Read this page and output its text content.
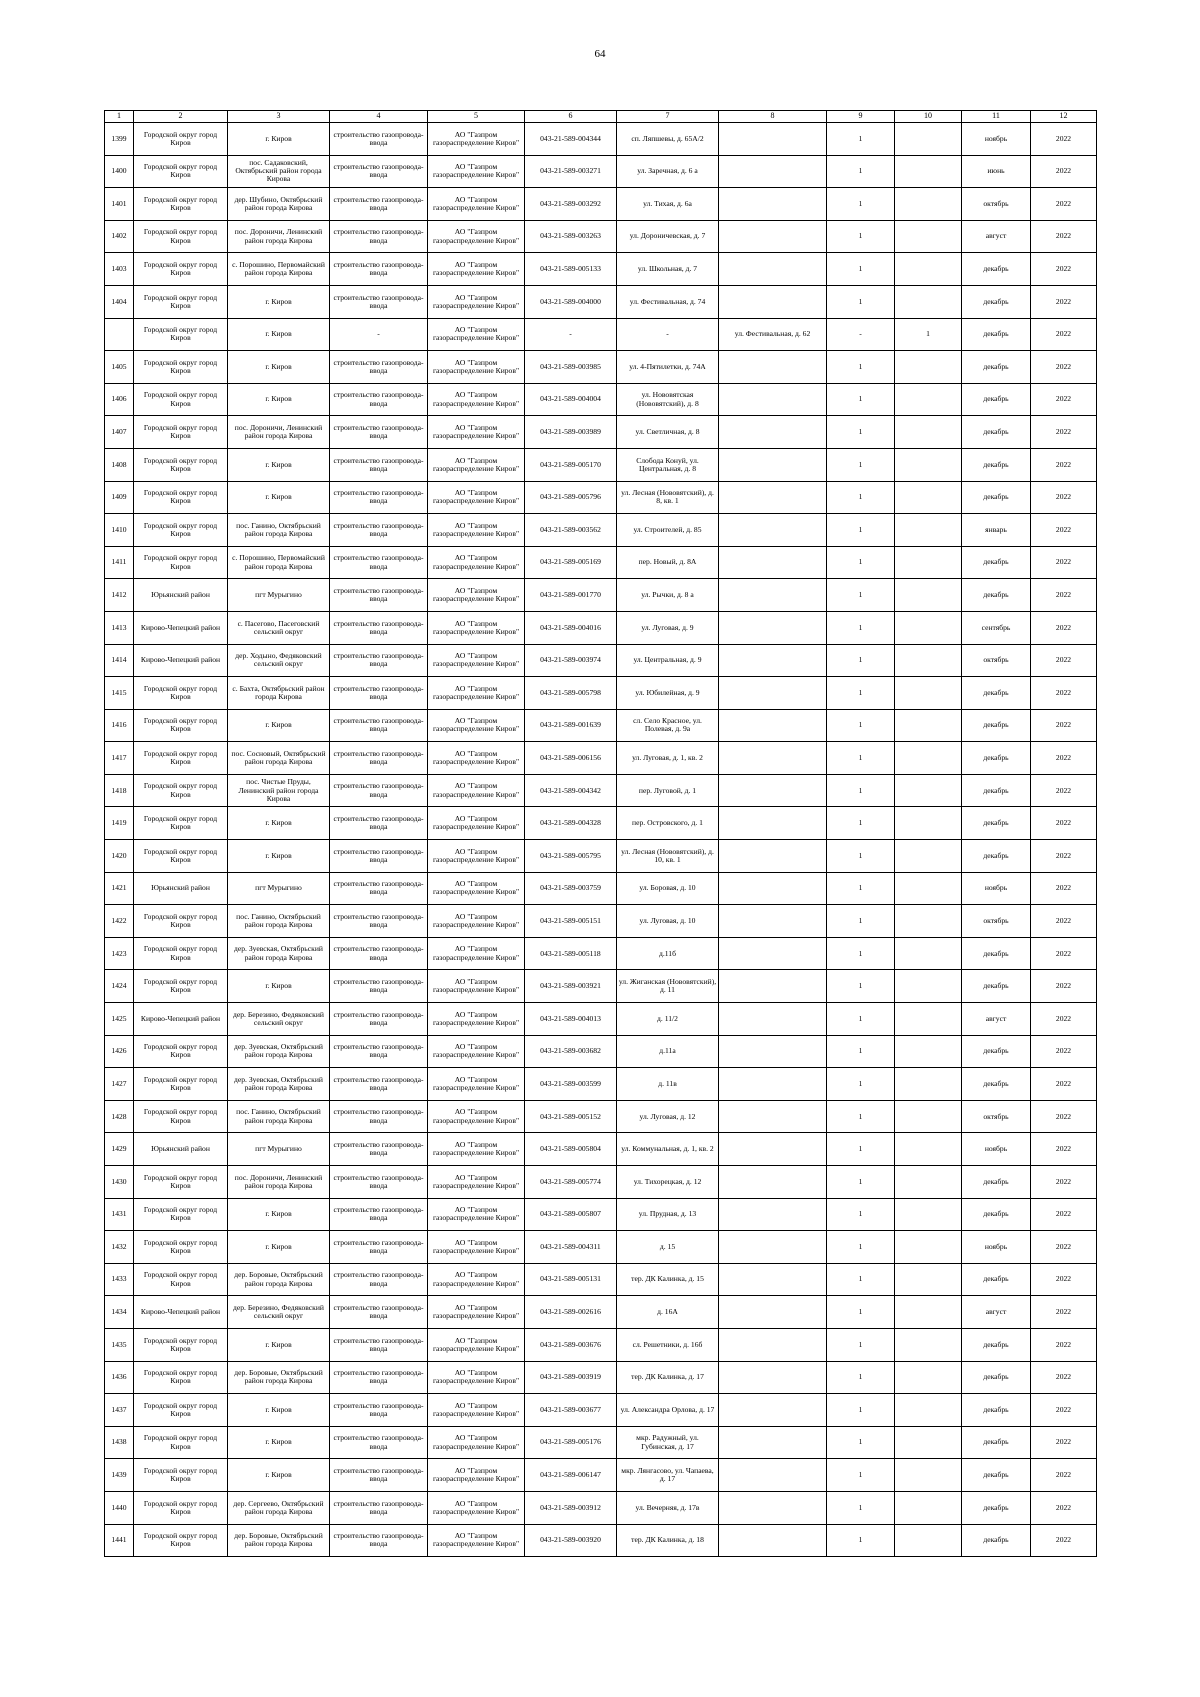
64
1	2	3	4	5	6	7	8	9	10	11	12

1399	Городской округ город Киров	г. Киров	строительство газопровода-ввода	АО "Газпром газораспределение Киров"	043-21-589-004344	сп. Ляпшевы, д. 65А/2		1		ноябрь	2022

1400	Городской округ город Киров	пос. Садаковский, Октябрьский район города Кирова	строительство газопровода-ввода	АО "Газпром газораспределение Киров"	043-21-589-003271	ул. Заречная, д. 6 а		1		июнь	2022

1401	Городской округ город Киров	дер. Шубино, Октябрьский район города Кирова	строительство газопровода-ввода	АО "Газпром газораспределение Киров"	043-21-589-003292	ул. Тихая, д. 6а		1		октябрь	2022

1402	Городской округ город Киров	пос. Дороничи, Ленинский район города Кирова	строительство газопровода-ввода	АО "Газпром газораспределение Киров"	043-21-589-003263	ул. Дороничевская, д. 7		1		август	2022

1403	Городской округ город Киров	с. Порошино, Первомайский район города Кирова	строительство газопровода-ввода	АО "Газпром газораспределение Киров"	043-21-589-005133	ул. Школьная, д. 7		1		декабрь	2022

1404	Городской округ город Киров	г. Киров	строительство газопровода-ввода	АО "Газпром газораспределение Киров"	043-21-589-004000	ул. Фестивальная, д. 74		1		декабрь	2022

	Городской округ город Киров	г. Киров	-	АО "Газпром газораспределение Киров"	-	-	ул. Фестивальная, д. 62	-	1	декабрь	2022

1405	Городской округ город Киров	г. Киров	строительство газопровода-ввода	АО "Газпром газораспределение Киров"	043-21-589-003985	ул. 4-Пятилетки, д. 74А		1		декабрь	2022

1406	Городской округ город Киров	г. Киров	строительство газопровода-ввода	АО "Газпром газораспределение Киров"	043-21-589-004004	ул. Нововятская (Нововятский), д. 8		1		декабрь	2022

1407	Городской округ город Киров	пос. Дороничи, Ленинский район города Кирова	строительство газопровода-ввода	АО "Газпром газораспределение Киров"	043-21-589-003989	ул. Светличная, д. 8		1		декабрь	2022

1408	Городской округ город Киров	г. Киров	строительство газопровода-ввода	АО "Газпром газораспределение Киров"	043-21-589-005170	Слобода Конуй, ул. Центральная, д. 8		1		декабрь	2022

1409	Городской округ город Киров	г. Киров	строительство газопровода-ввода	АО "Газпром газораспределение Киров"	043-21-589-005796	ул. Лесная (Нововятский), д. 8, кв. 1		1		декабрь	2022

1410	Городской округ город Киров	пос. Ганино, Октябрьский район города Кирова	строительство газопровода-ввода	АО "Газпром газораспределение Киров"	043-21-589-003562	ул. Строителей, д. 85		1		январь	2022

1411	Городской округ город Киров	с. Порошино, Первомайский район города Кирова	строительство газопровода-ввода	АО "Газпром газораспределение Киров"	043-21-589-005169	пер. Новый, д. 8А		1		декабрь	2022

1412	Юрьянский район	пгт Мурыгино	строительство газопровода-ввода	АО "Газпром газораспределение Киров"	043-21-589-001770	ул. Рычки, д. 8 а		1		декабрь	2022

1413	Кирово-Чепецкий район	с. Пасегово, Пасеговский сельский округ	строительство газопровода-ввода	АО "Газпром газораспределение Киров"	043-21-589-004016	ул. Луговая, д. 9		1		сентябрь	2022

1414	Кирово-Чепецкий район	дер. Ходыно, Федяковский сельский округ	строительство газопровода-ввода	АО "Газпром газораспределение Киров"	043-21-589-003974	ул. Центральная, д. 9		1		октябрь	2022

1415	Городской округ город Киров	с. Бахта, Октябрьский район города Кирова	строительство газопровода-ввода	АО "Газпром газораспределение Киров"	043-21-589-005798	ул. Юбилейная, д. 9		1		декабрь	2022

1416	Городской округ город Киров	г. Киров	строительство газопровода-ввода	АО "Газпром газораспределение Киров"	043-21-589-001639	сл. Село Красное, ул. Полевая, д. 9а		1		декабрь	2022

1417	Городской округ город Киров	пос. Сосновый, Октябрьский район города Кирова	строительство газопровода-ввода	АО "Газпром газораспределение Киров"	043-21-589-006156	ул. Луговая, д. 1, кв. 2		1		декабрь	2022

1418	Городской округ город Киров	пос. Чистые Пруды, Ленинский район города Кирова	строительство газопровода-ввода	АО "Газпром газораспределение Киров"	043-21-589-004342	пер. Луговой, д. 1		1		декабрь	2022

1419	Городской округ город Киров	г. Киров	строительство газопровода-ввода	АО "Газпром газораспределение Киров"	043-21-589-004328	пер. Островского, д. 1		1		декабрь	2022

1420	Городской округ город Киров	г. Киров	строительство газопровода-ввода	АО "Газпром газораспределение Киров"	043-21-589-005795	ул. Лесная (Нововятский), д. 10, кв. 1		1		декабрь	2022

1421	Юрьянский район	пгт Мурыгино	строительство газопровода-ввода	АО "Газпром газораспределение Киров"	043-21-589-003759	ул. Боровая, д. 10		1		ноябрь	2022

1422	Городской округ город Киров	пос. Ганино, Октябрьский район города Кирова	строительство газопровода-ввода	АО "Газпром газораспределение Киров"	043-21-589-005151	ул. Луговая, д. 10		1		октябрь	2022

1423	Городской округ город Киров	дер. Зуевская, Октябрьский район города Кирова	строительство газопровода-ввода	АО "Газпром газораспределение Киров"	043-21-589-005118	д.11б		1		декабрь	2022

1424	Городской округ город Киров	г. Киров	строительство газопровода-ввода	АО "Газпром газораспределение Киров"	043-21-589-003921	ул. Жиганская (Нововятский), д. 11		1		декабрь	2022

1425	Кирово-Чепецкий район	дер. Березино, Федяковский сельский округ	строительство газопровода-ввода	АО "Газпром газораспределение Киров"	043-21-589-004013	д. 11/2		1		август	2022

1426	Городской округ город Киров	дер. Зуевская, Октябрьский район города Кирова	строительство газопровода-ввода	АО "Газпром газораспределение Киров"	043-21-589-003682	д.11а		1		декабрь	2022

1427	Городской округ город Киров	дер. Зуевская, Октябрьский район города Кирова	строительство газопровода-ввода	АО "Газпром газораспределение Киров"	043-21-589-003599	д. 11в		1		декабрь	2022

1428	Городской округ город Киров	пос. Ганино, Октябрьский район города Кирова	строительство газопровода-ввода	АО "Газпром газораспределение Киров"	043-21-589-005152	ул. Луговая, д. 12		1		октябрь	2022

1429	Юрьянский район	пгт Мурыгино	строительство газопровода-ввода	АО "Газпром газораспределение Киров"	043-21-589-005804	ул. Коммунальная, д. 1, кв. 2		1		ноябрь	2022

1430	Городской округ город Киров	пос. Дороничи, Ленинский район города Кирова	строительство газопровода-ввода	АО "Газпром газораспределение Киров"	043-21-589-005774	ул. Тихорецкая, д. 12		1		декабрь	2022

1431	Городской округ город Киров	г. Киров	строительство газопровода-ввода	АО "Газпром газораспределение Киров"	043-21-589-005807	ул. Прудная, д. 13		1		декабрь	2022

1432	Городской округ город Киров	г. Киров	строительство газопровода-ввода	АО "Газпром газораспределение Киров"	043-21-589-004311	д. 15		1		ноябрь	2022

1433	Городской округ город Киров	дер. Боровые, Октябрьский район города Кирова	строительство газопровода-ввода	АО "Газпром газораспределение Киров"	043-21-589-005131	тер. ДК Калинка, д. 15		1		декабрь	2022

1434	Кирово-Чепецкий район	дер. Березино, Федяковский сельский округ	строительство газопровода-ввода	АО "Газпром газораспределение Киров"	043-21-589-002616	д. 16А		1		август	2022

1435	Городской округ город Киров	г. Киров	строительство газопровода-ввода	АО "Газпром газораспределение Киров"	043-21-589-003676	сл. Решетники, д. 16б		1		декабрь	2022

1436	Городской округ город Киров	дер. Боровые, Октябрьский район города Кирова	строительство газопровода-ввода	АО "Газпром газораспределение Киров"	043-21-589-003919	тер. ДК Калинка, д. 17		1		декабрь	2022

1437	Городской округ город Киров	г. Киров	строительство газопровода-ввода	АО "Газпром газораспределение Киров"	043-21-589-003677	ул. Александра Орлова, д. 17		1		декабрь	2022

1438	Городской округ город Киров	г. Киров	строительство газопровода-ввода	АО "Газпром газораспределение Киров"	043-21-589-005176	мкр. Радужный, ул. Губинская, д. 17		1		декабрь	2022

1439	Городской округ город Киров	г. Киров	строительство газопровода-ввода	АО "Газпром газораспределение Киров"	043-21-589-006147	мкр. Лянгасово, ул. Чапаева, д. 17		1		декабрь	2022

1440	Городской округ город Киров	дер. Сергеево, Октябрьский район города Кирова	строительство газопровода-ввода	АО "Газпром газораспределение Киров"	043-21-589-003912	ул. Вечерняя, д. 17в		1		декабрь	2022

1441	Городской округ город Киров	дер. Боровые, Октябрьский район города Кирова	строительство газопровода-ввода	АО "Газпром газораспределение Киров"	043-21-589-003920	тер. ДК Калинка, д. 18		1		декабрь	2022
